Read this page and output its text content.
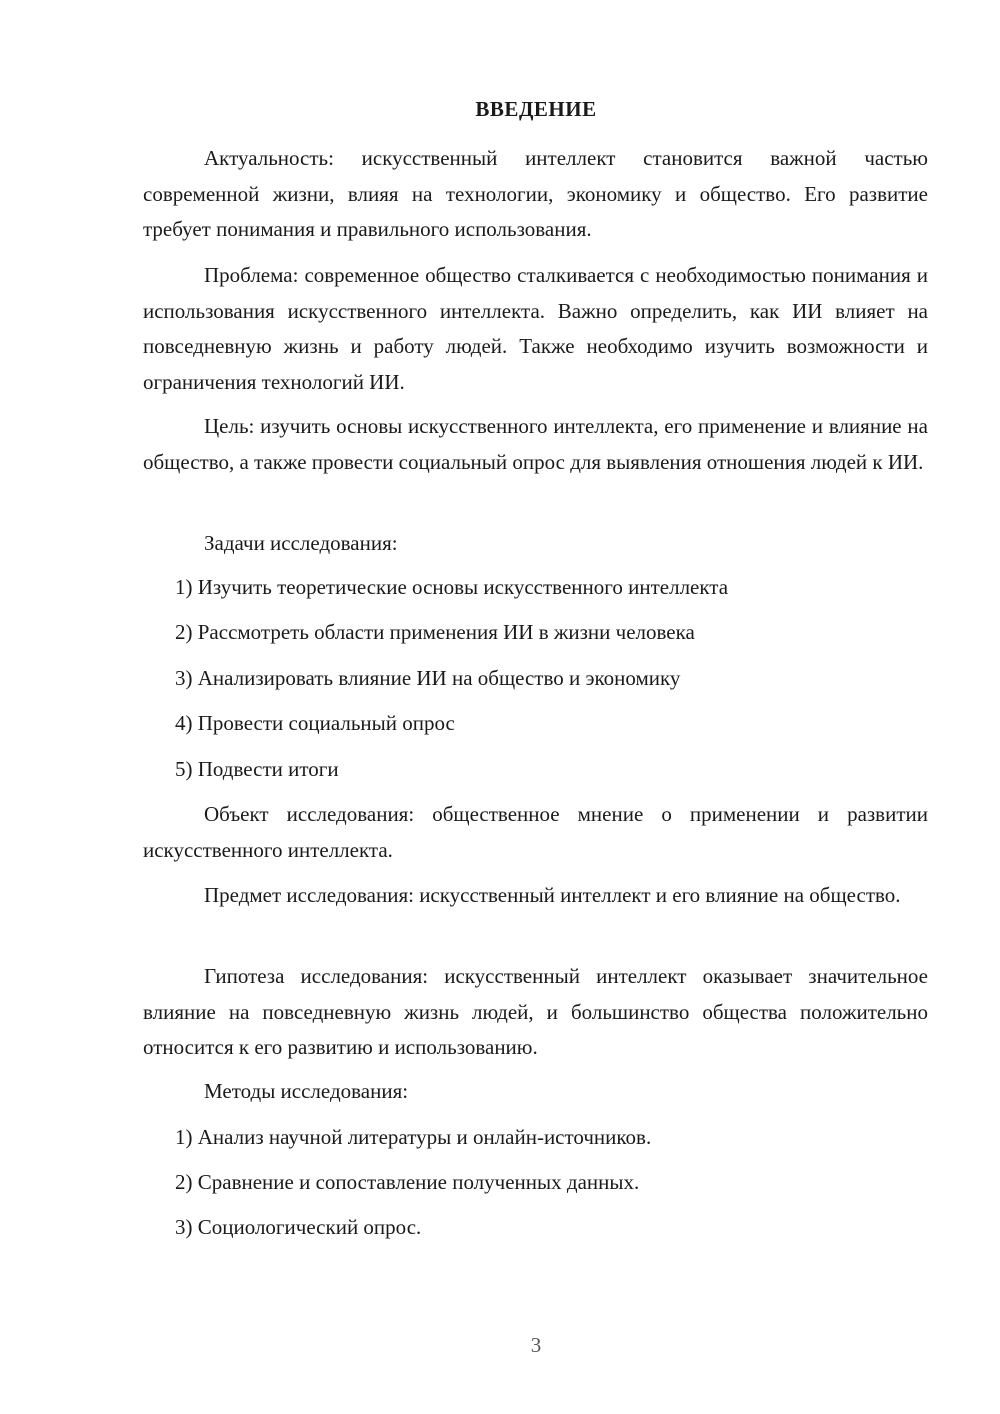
ВВЕДЕНИЕ

Актуальность: искусственный интеллект становится важной частью современной жизни, влияя на технологии, экономику и общество. Его развитие требует понимания и правильного использования.

Проблема: современное общество сталкивается с необходимостью понимания и использования искусственного интеллекта. Важно определить, как ИИ влияет на повседневную жизнь и работу людей. Также необходимо изучить возможности и ограничения технологий ИИ.

Цель: изучить основы искусственного интеллекта, его применение и влияние на общество, а также провести социальный опрос для выявления отношения людей к ИИ.

Задачи исследования:

1) Изучить теоретические основы искусственного интеллекта

2) Рассмотреть области применения ИИ в жизни человека

3) Анализировать влияние ИИ на общество и экономику

4) Провести социальный опрос

5) Подвести итоги

Объект исследования: общественное мнение о применении и развитии искусственного интеллекта.

Предмет исследования: искусственный интеллект и его влияние на общество.

Гипотеза исследования: искусственный интеллект оказывает значительное влияние на повседневную жизнь людей, и большинство общества положительно относится к его развитию и использованию.

Методы исследования:

1) Анализ научной литературы и онлайн-источников.

2) Сравнение и сопоставление полученных данных.

3) Социологический опрос.

3
